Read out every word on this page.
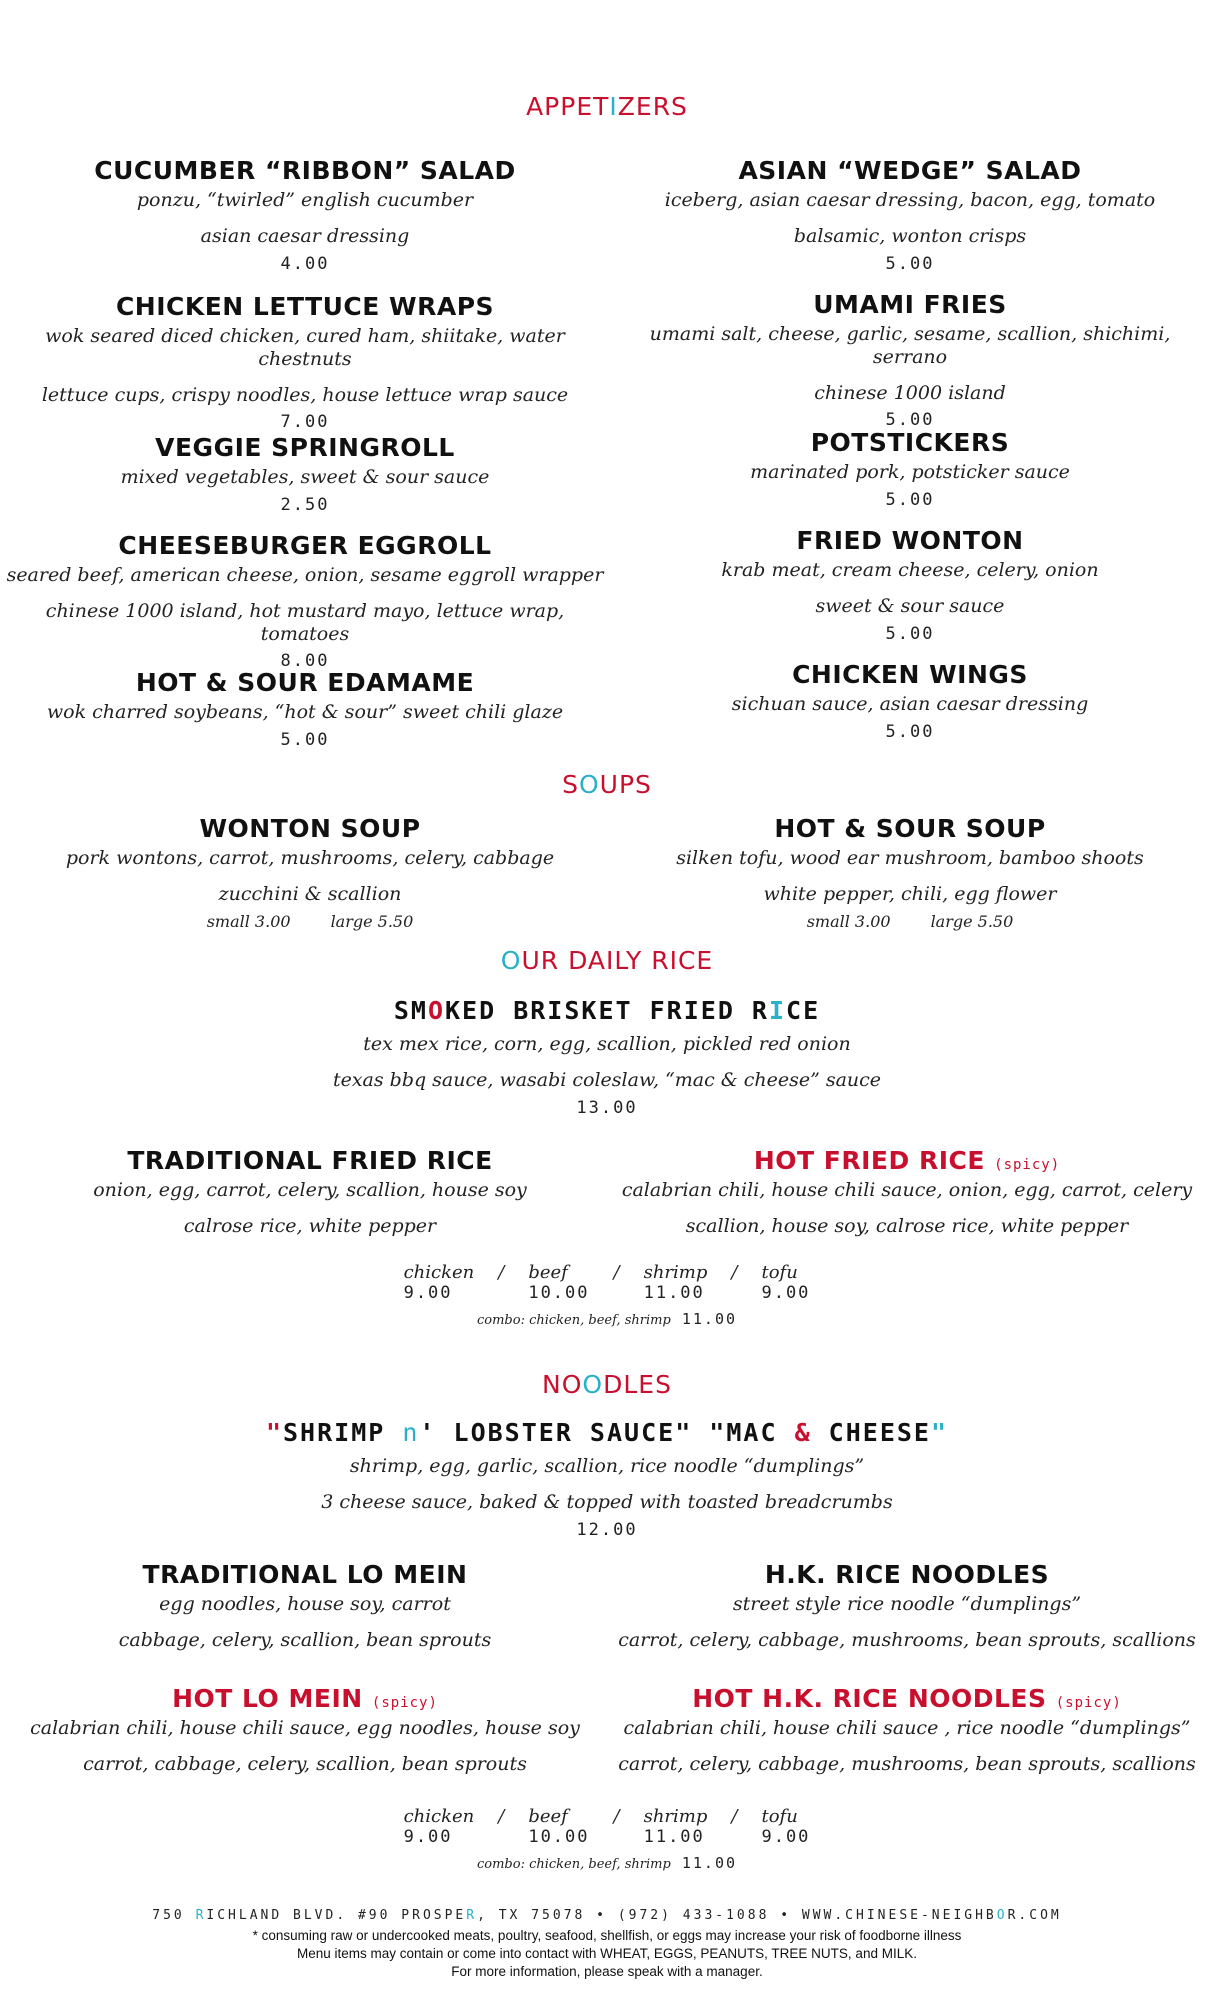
APPETIZERS
CUCUMBER “RIBBON” SALAD
ponzu, “twirled” english cucumber
asian caesar dressing
4.00
CHICKEN LETTUCE WRAPS
wok seared diced chicken, cured ham, shiitake, water chestnuts
lettuce cups, crispy noodles, house lettuce wrap sauce
7.00
VEGGIE SPRINGROLL
mixed vegetables, sweet & sour sauce
2.50
CHEESEBURGER EGGROLL
seared beef, american cheese, onion, sesame eggroll wrapper
chinese 1000 island, hot mustard mayo, lettuce wrap, tomatoes
8.00
HOT & SOUR EDAMAME
wok charred soybeans, “hot & sour” sweet chili glaze
5.00
ASIAN “WEDGE” SALAD
iceberg, asian caesar dressing, bacon, egg, tomato
balsamic, wonton crisps
5.00
UMAMI FRIES
umami salt, cheese, garlic, sesame, scallion, shichimi, serrano
chinese 1000 island
5.00
POTSTICKERS
marinated pork, potsticker sauce
5.00
FRIED WONTON
krab meat, cream cheese, celery, onion
sweet & sour sauce
5.00
CHICKEN WINGS
sichuan sauce, asian caesar dressing
5.00
SOUPS
WONTON SOUP
pork wontons, carrot, mushrooms, celery, cabbage
zucchini & scallion
small 3.00	large 5.50
HOT & SOUR SOUP
silken tofu, wood ear mushroom, bamboo shoots
white pepper, chili, egg flower
small 3.00	large 5.50
OUR DAILY RICE
SMOKED BRISKET FRIED RICE
tex mex rice, corn, egg, scallion, pickled red onion
texas bbq sauce, wasabi coleslaw, “mac & cheese” sauce
13.00
TRADITIONAL FRIED RICE
onion, egg, carrot, celery, scallion, house soy
calrose rice, white pepper
HOT FRIED RICE (spicy)
calabrian chili, house chili sauce, onion, egg, carrot, celery
scallion, house soy, calrose rice, white pepper
chicken / beef	/ shrimp / tofu
9.00	10.00	11.00	9.00
combo: chicken, beef, shrimp 11.00
NOODLES
"SHRIMP n' LOBSTER SAUCE" "MAC & CHEESE"
shrimp, egg, garlic, scallion, rice noodle “dumplings”
3 cheese sauce, baked & topped with toasted breadcrumbs
12.00
TRADITIONAL LO MEIN
egg noodles, house soy, carrot
cabbage, celery, scallion, bean sprouts
H.K. RICE NOODLES
street style rice noodle “dumplings”
carrot, celery, cabbage, mushrooms, bean sprouts, scallions
HOT LO MEIN (spicy)
calabrian chili, house chili sauce, egg noodles, house soy
carrot, cabbage, celery, scallion, bean sprouts
HOT H.K. RICE NOODLES (spicy)
calabrian chili, house chili sauce , rice noodle “dumplings”
carrot, celery, cabbage, mushrooms, bean sprouts, scallions
chicken / beef	/ shrimp / tofu
9.00	10.00	11.00	9.00
combo: chicken, beef, shrimp 11.00
750 RICHLAND BLVD. #90 PROSPER, TX 75078 • (972) 433-1088 • WWW.CHINESE-NEIGHBOR.COM
* consuming raw or undercooked meats, poultry, seafood, shellfish, or eggs may increase your risk of foodborne illness
Menu items may contain or come into contact with WHEAT, EGGS, PEANUTS, TREE NUTS, and MILK.
For more information, please speak with a manager.
